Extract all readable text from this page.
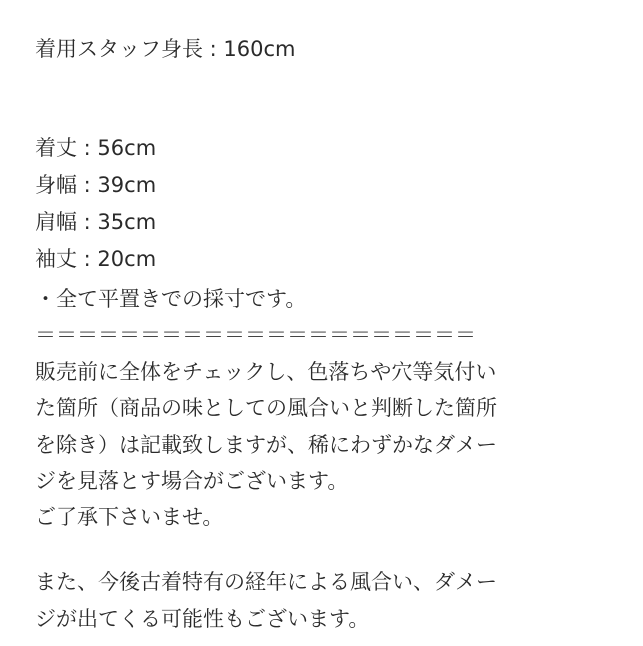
着用スタッフ身長 : 160cm

着丈 : 56cm

身幅 : 39cm

肩幅 : 35cm

袖丈 : 20cm

・全て平置きでの採寸です。

＝＝＝＝＝＝＝＝＝＝＝＝＝＝＝＝＝＝＝＝＝

販売前に全体をチェックし、色落ちや穴等気付い

た箇所（商品の味としての風合いと判断した箇所

を除き）は記載致しますが、稀にわずかなダメー

ジを見落とす場合がございます。

ご了承下さいませ。

また、今後古着特有の経年による風合い、ダメー

ジが出てくる可能性もございます。
